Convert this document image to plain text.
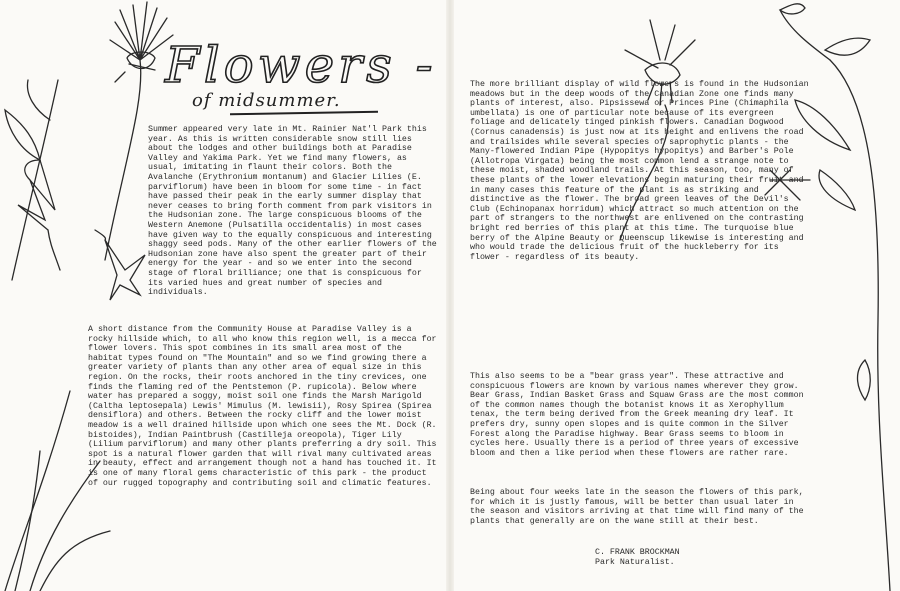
Flowers -
of midsummer.

Summer appeared very late in Mt. Rainier Nat'l Park this year. As this is written considerable snow still lies about the lodges and other buildings both at Paradise Valley and Yakima Park. Yet we find many flowers, as usual, imitating in flaunt their colors. Both the Avalanche (Erythronium montanum) and Glacier Lilies (E. parviflorum) have been in bloom for some time - in fact have passed their peak in the early summer display that never ceases to bring forth comment from park visitors in the Hudsonian zone. The large conspicuous blooms of the Western Anemone (Pulsatilla occidentalis) in most cases have given way to the equally conspicuous and interesting shaggy seed pods. Many of the other earlier flowers of the Hudsonian zone have also spent the greater part of their energy for the year - and so we enter into the second stage of floral brilliance; one that is conspicuous for its varied hues and great number of species and individuals.

A short distance from the Community House at Paradise Valley is a rocky hillside which, to all who know this region well, is a mecca for flower lovers. This spot combines in its small area most of the habitat types found on "The Mountain" and so we find growing there a greater variety of plants than any other area of equal size in this region. On the rocks, their roots anchored in the tiny crevices, one finds the flaming red of the Pentstemon (P. rupicola). Below where water has prepared a soggy, moist soil one finds the Marsh Marigold (Caltha leptosepala) Lewis' Mimulus (M. lewisii), Rosy Spirea (Spirea densiflora) and others. Between the rocky cliff and the lower moist meadow is a well drained hillside upon which one sees the Mt. Dock (R. bistoides), Indian Paintbrush (Castilleja oreopola), Tiger Lily (Lilium parviflorum) and many other plants preferring a dry soil. This spot is a natural flower garden that will rival many cultivated areas in beauty, effect and arrangement though not a hand has touched it. It is one of many floral gems characteristic of this park - the product of our rugged topography and contributing soil and climatic features.

The more brilliant display of wild flowers is found in the Hudsonian meadows but in the deep woods of the Canadian Zone one finds many plants of interest, also. Pipsissewa or Princes Pine (Chimaphila umbellata) is one of particular note because of its evergreen foliage and delicately tinged pinkish flowers. Canadian Dogwood (Cornus canadensis) is just now at its height and enlivens the road and trailsides while several species of saprophytic plants - the Many-flowered Indian Pipe (Hypopitys hypopitys) and Barber's Pole (Allotropa Virgata) being the most common lend a strange note to these moist, shaded woodland trails. At this season, too, many of these plants of the lower elevations begin maturing their fruit and in many cases this feature of the plant is as striking and distinctive as the flower. The broad green leaves of the Devil's Club (Echinopanax horridum) which attract so much attention on the part of strangers to the northwest are enlivened on the contrasting bright red berries of this plant at this time. The turquoise blue berry of the Alpine Beauty or Queenscup likewise is interesting and who would trade the delicious fruit of the huckleberry for its flower - regardless of its beauty.

This also seems to be a "bear grass year". These attractive and conspicuous flowers are known by various names wherever they grow. Bear Grass, Indian Basket Grass and Squaw Grass are the most common of the common names though the botanist knows it as Xerophyllum tenax, the term being derived from the Greek meaning dry leaf. It prefers dry, sunny open slopes and is quite common in the Silver Forest along the Paradise highway. Bear Grass seems to bloom in cycles here. Usually there is a period of three years of excessive bloom and then a like period when these flowers are rather rare.

Being about four weeks late in the season the flowers of this park, for which it is justly famous, will be better than usual later in the season and visitors arriving at that time will find many of the plants that generally are on the wane still at their best.

C. FRANK BROCKMAN
Park Naturalist.
